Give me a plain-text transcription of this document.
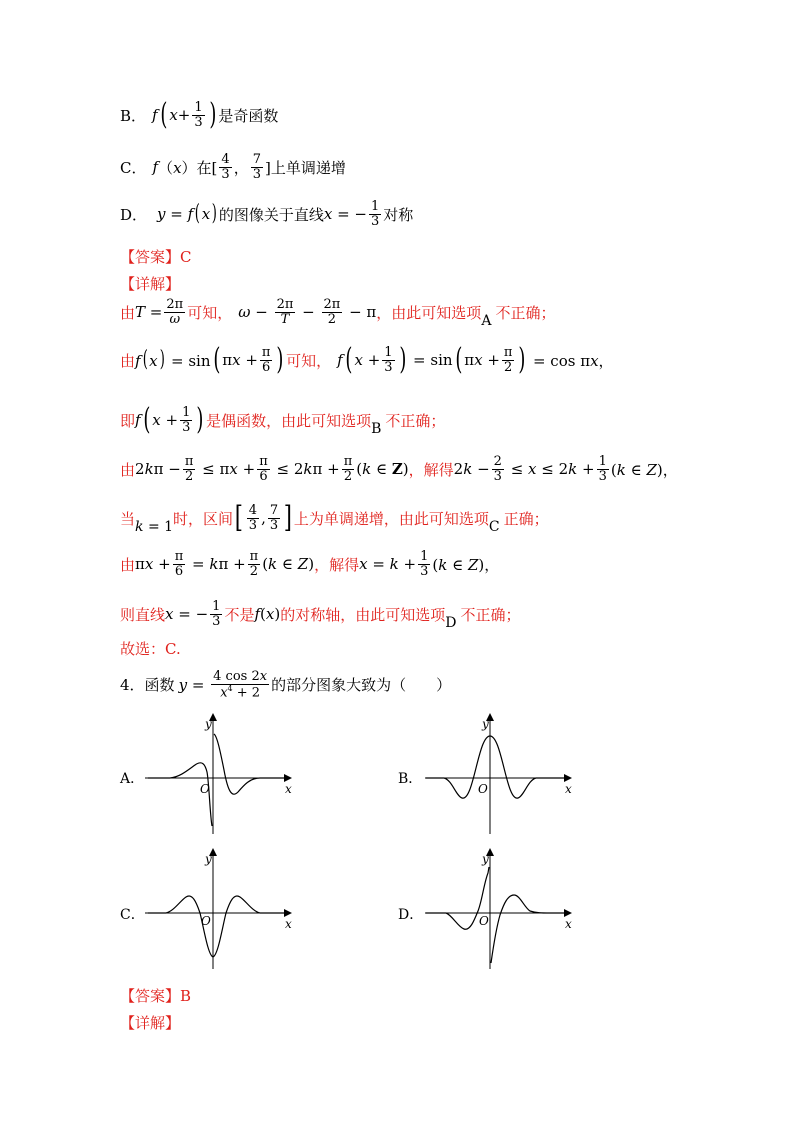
B． f ( $x + \frac{1}{3}$ ) 是奇函数
C． f （x） 在[ $\frac{4}{3}$ ， $\frac{7}{3}$ ]上单调递增
D． y = f ( x ) 的图像关于直线 x = − $\frac{1}{3}$ 对称
【答案】 C
【详解】
由 $T = \frac{2\pi}{\omega}$ 可知， $\omega - \frac{2\pi}{T} - \frac{2\pi}{2} - \pi$ ，由此可知选项 A 不正确；
由 f( x) = sin ( $\pi x + \frac{\pi}{6}$ ) 可知， f ( $x + \frac{1}{3}$ ) = sin ( $\pi x + \frac{\pi}{2}$ ) = cos πx，
即 f ( $x + \frac{1}{3}$ ) 是偶函数，由此可知选项 B 不正确；
由 $2k\pi - \frac{\pi}{2} \le \pi x + \frac{\pi}{6} \le 2k\pi + \frac{\pi}{2} (k$ ∈ Z) ，解得 $2k - \frac{2}{3} \le x \le 2k + \frac{1}{3} (k$ ∈ Z)，
当 k = 1 时，区间 [ $\frac{4}{3}$ , $\frac{7}{3}$ ] 上为单调递增，由此可知选项 C 正确；
由 $\pi x + \frac{\pi}{6} = k\pi + \frac{\pi}{2} (k$ ∈ Z) ，解得 $x = k + \frac{1}{3} (k$ ∈ Z)，
则直线 x = − $\frac{1}{3}$ 不是 f(x) 的对称轴，由此可知选项 D 不正确；
故选：C.
4． 函数 $y = \frac{4 \cos 2x}{x^4 + 2}$ 的部分图象大致为（　　）
A．
y
x
O
B．
y
x
O
C．
y
x
O	D．
y
x
O
【答案】 B
【详解】
